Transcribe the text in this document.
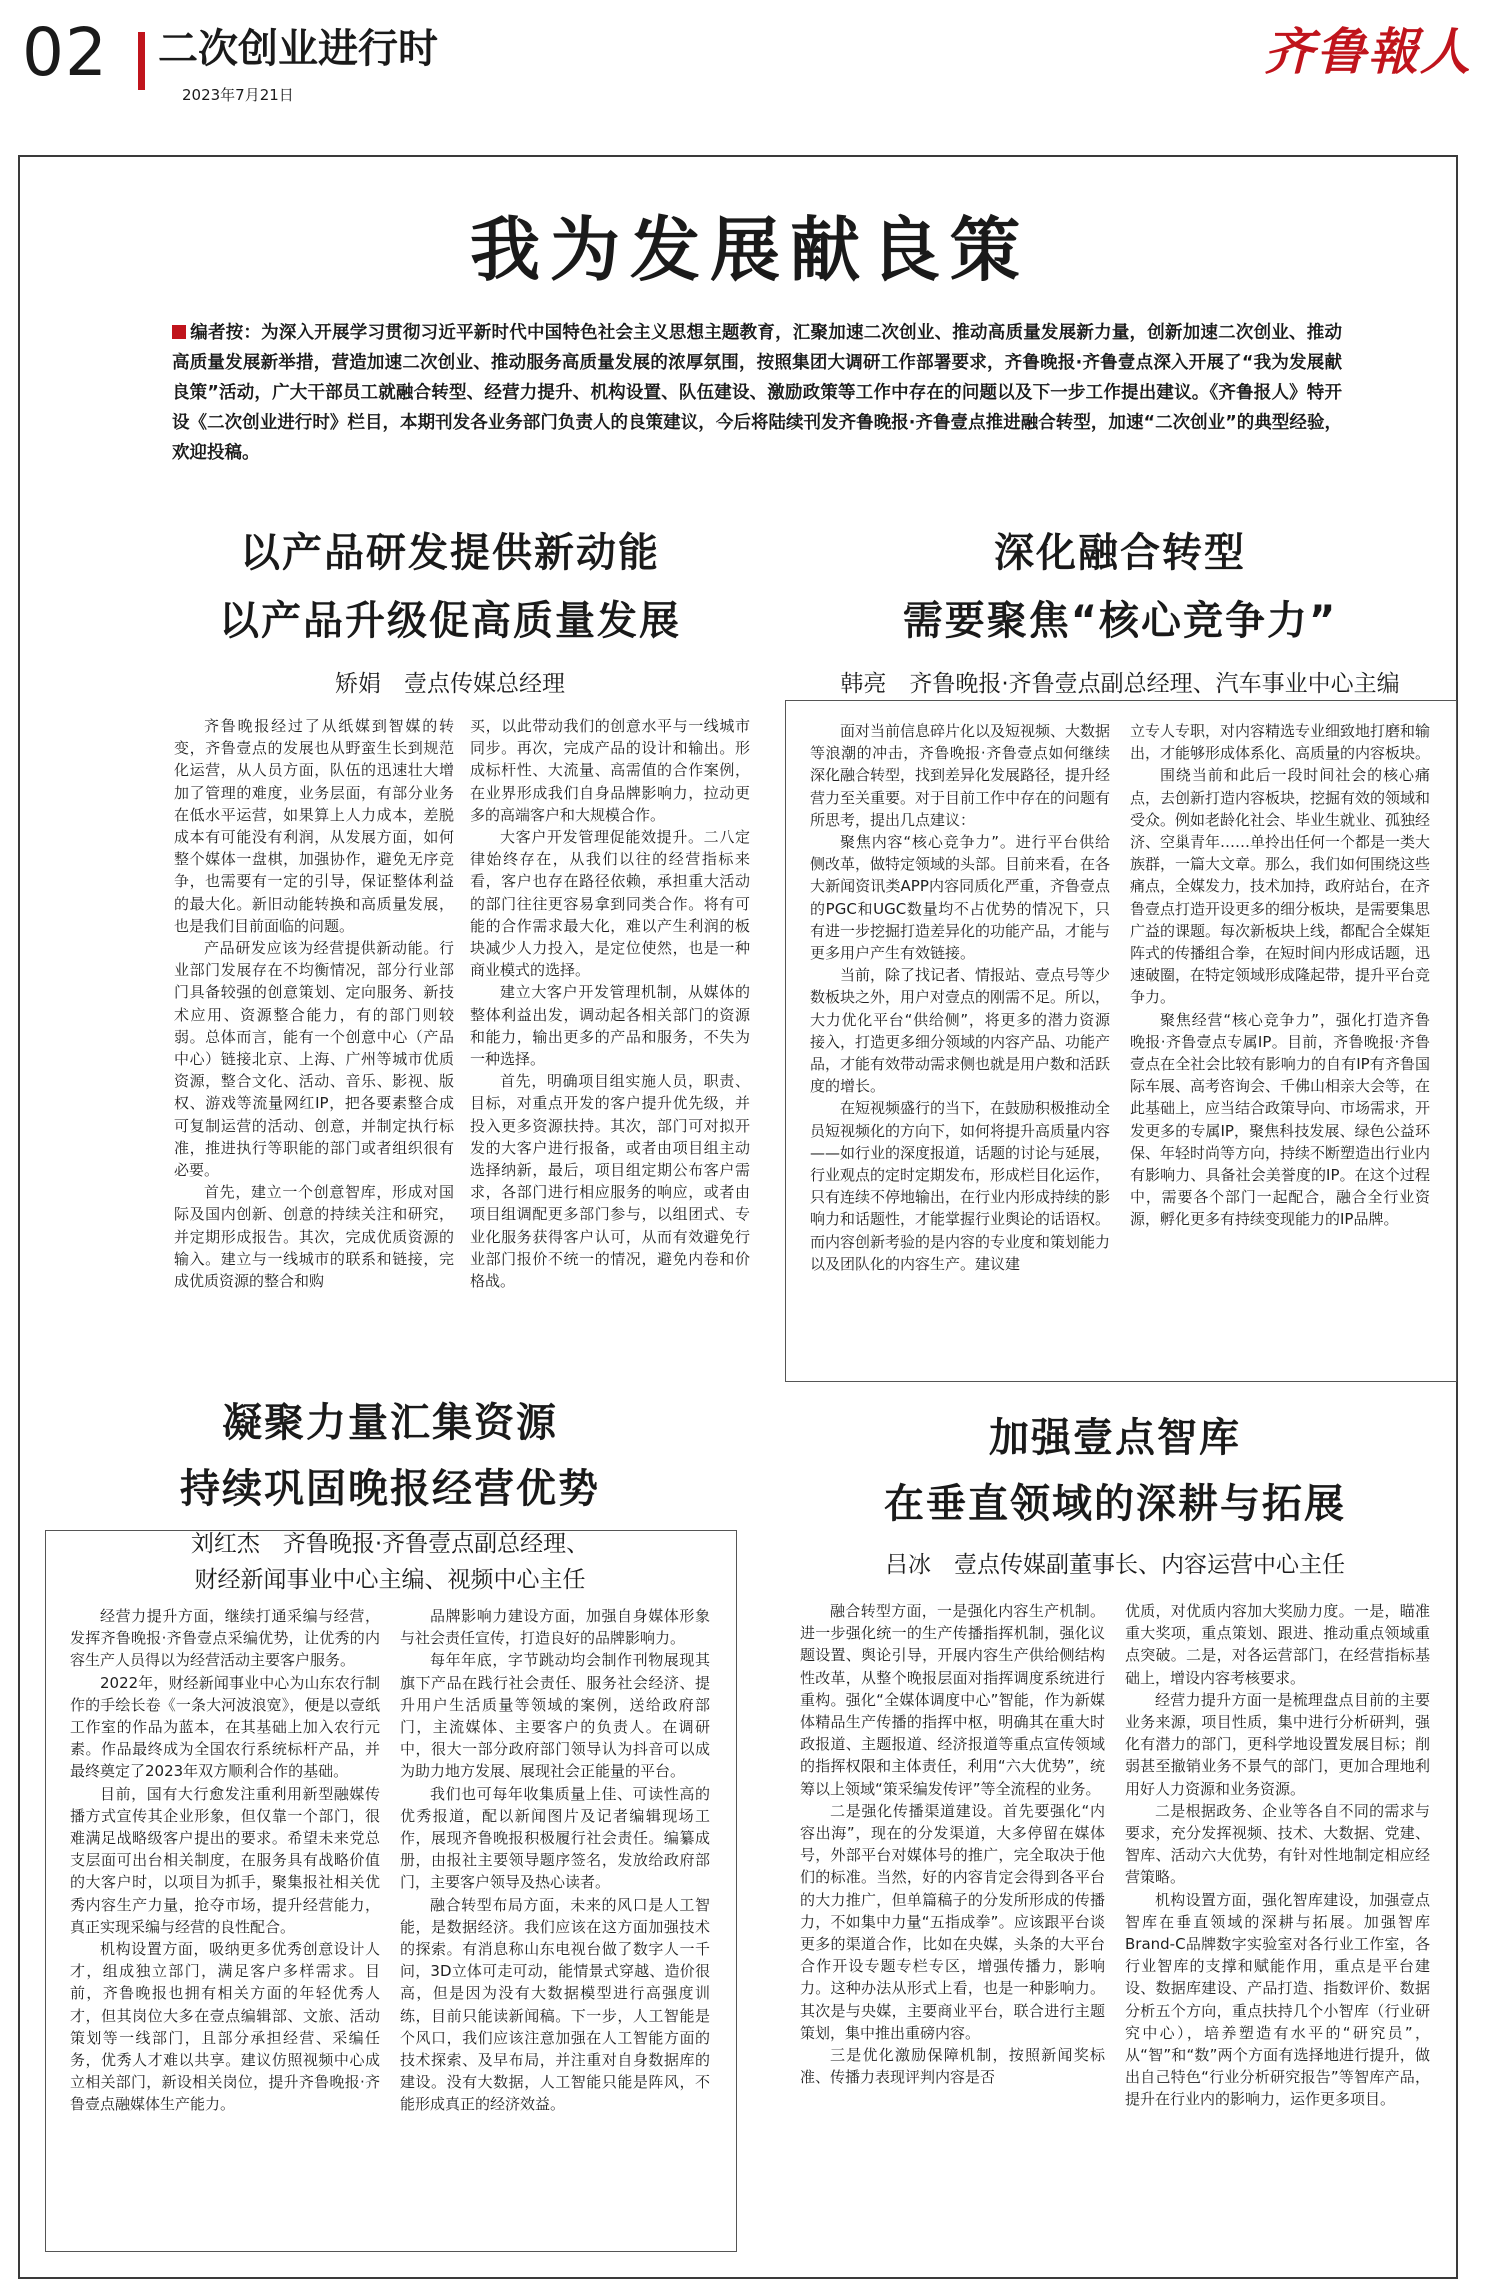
02 二次创业进行时
2023年7月21日
齐鲁報人
我为发展献良策
编者按：为深入开展学习贯彻习近平新时代中国特色社会主义思想主题教育，汇聚加速二次创业、推动高质量发展新力量，创新加速二次创业、推动高质量发展新举措，营造加速二次创业、推动服务高质量发展的浓厚氛围，按照集团大调研工作部署要求，齐鲁晚报·齐鲁壹点深入开展了“我为发展献良策”活动，广大干部员工就融合转型、经营力提升、机构设置、队伍建设、激励政策等工作中存在的问题以及下一步工作提出建议。《齐鲁报人》特开设《二次创业进行时》栏目，本期刊发各业务部门负责人的良策建议，今后将陆续刊发齐鲁晚报·齐鲁壹点推进融合转型，加速“二次创业”的典型经验，欢迎投稿。
以产品研发提供新动能
以产品升级促高质量发展
矫娟　壹点传媒总经理

齐鲁晚报经过了从纸媒到智媒的转变，齐鲁壹点的发展也从野蛮生长到规范化运营，从人员方面，队伍的迅速壮大增加了管理的难度，业务层面，有部分业务在低水平运营，如果算上人力成本，差脱成本有可能没有利润，从发展方面，如何整个媒体一盘棋，加强协作，避免无序竞争，也需要有一定的引导，保证整体利益的最大化。新旧动能转换和高质量发展，也是我们目前面临的问题。

产品研发应该为经营提供新动能。行业部门发展存在不均衡情况，部分行业部门具备较强的创意策划、定向服务、新技术应用、资源整合能力，有的部门则较弱。总体而言，能有一个创意中心（产品中心）链接北京、上海、广州等城市优质资源，整合文化、活动、音乐、影视、版权、游戏等流量网红IP，把各要素整合成可复制运营的活动、创意，并制定执行标准，推进执行等职能的部门或者组织很有必要。

首先，建立一个创意智库，形成对国际及国内创新、创意的持续关注和研究，并定期形成报告。其次，完成优质资源的输入。建立与一线城市的联系和链接，完成优质资源的整合和购

买，以此带动我们的创意水平与一线城市同步。再次，完成产品的设计和输出。形成标杆性、大流量、高需值的合作案例，在业界形成我们自身品牌影响力，拉动更多的高端客户和大规模合作。

大客户开发管理促能效提升。二八定律始终存在，从我们以往的经营指标来看，客户也存在路径依赖，承担重大活动的部门往往更容易拿到同类合作。将有可能的合作需求最大化，难以产生利润的板块减少人力投入，是定位使然，也是一种商业模式的选择。

建立大客户开发管理机制，从媒体的整体利益出发，调动起各相关部门的资源和能力，输出更多的产品和服务，不失为一种选择。

首先，明确项目组实施人员，职责、目标，对重点开发的客户提升优先级，并投入更多资源扶持。其次，部门可对拟开发的大客户进行报备，或者由项目组主动选择纳新，最后，项目组定期公布客户需求，各部门进行相应服务的响应，或者由项目组调配更多部门参与，以组团式、专业化服务获得客户认可，从而有效避免行业部门报价不统一的情况，避免内卷和价格战。

深化融合转型
需要聚焦“核心竞争力”
韩亮　齐鲁晚报·齐鲁壹点副总经理、汽车事业中心主编

面对当前信息碎片化以及短视频、大数据等浪潮的冲击，齐鲁晚报·齐鲁壹点如何继续深化融合转型，找到差异化发展路径，提升经营力至关重要。对于目前工作中存在的问题有所思考，提出几点建议：

聚焦内容“核心竞争力”。进行平台供给侧改革，做特定领域的头部。目前来看，在各大新闻资讯类APP内容同质化严重，齐鲁壹点的PGC和UGC数量均不占优势的情况下，只有进一步挖掘打造差异化的功能产品，才能与更多用户产生有效链接。

当前，除了找记者、情报站、壹点号等少数板块之外，用户对壹点的刚需不足。所以，大力优化平台“供给侧”，将更多的潜力资源接入，打造更多细分领域的内容产品、功能产品，才能有效带动需求侧也就是用户数和活跃度的增长。

在短视频盛行的当下，在鼓励积极推动全员短视频化的方向下，如何将提升高质量内容——如行业的深度报道，话题的讨论与延展，行业观点的定时定期发布，形成栏目化运作，只有连续不停地输出，在行业内形成持续的影响力和话题性，才能掌握行业舆论的话语权。而内容创新考验的是内容的专业度和策划能力以及团队化的内容生产。建议建

立专人专职，对内容精选专业细致地打磨和输出，才能够形成体系化、高质量的内容板块。

围绕当前和此后一段时间社会的核心痛点，去创新打造内容板块，挖掘有效的领域和受众。例如老龄化社会、毕业生就业、孤独经济、空巢青年……单拎出任何一个都是一类大族群，一篇大文章。那么，我们如何围绕这些痛点，全媒发力，技术加持，政府站台，在齐鲁壹点打造开设更多的细分板块，是需要集思广益的课题。每次新板块上线，都配合全媒矩阵式的传播组合拳，在短时间内形成话题，迅速破圈，在特定领域形成隆起带，提升平台竞争力。

聚焦经营“核心竞争力”，强化打造齐鲁晚报·齐鲁壹点专属IP。目前，齐鲁晚报·齐鲁壹点在全社会比较有影响力的自有IP有齐鲁国际车展、高考咨询会、千佛山相亲大会等，在此基础上，应当结合政策导向、市场需求，开发更多的专属IP，聚焦科技发展、绿色公益环保、年轻时尚等方向，持续不断塑造出行业内有影响力、具备社会美誉度的IP。在这个过程中，需要各个部门一起配合，融合全行业资源，孵化更多有持续变现能力的IP品牌。

凝聚力量汇集资源
持续巩固晚报经营优势
刘红杰　齐鲁晚报·齐鲁壹点副总经理、
财经新闻事业中心主编、视频中心主任

经营力提升方面，继续打通采编与经营，发挥齐鲁晚报·齐鲁壹点采编优势，让优秀的内容生产人员得以为经营活动主要客户服务。

2022年，财经新闻事业中心为山东农行制作的手绘长卷《一条大河波浪宽》，便是以壹纸工作室的作品为蓝本，在其基础上加入农行元素。作品最终成为全国农行系统标杆产品，并最终奠定了2023年双方顺利合作的基础。

目前，国有大行愈发注重利用新型融媒传播方式宣传其企业形象，但仅靠一个部门，很难满足战略级客户提出的要求。希望未来党总支层面可出台相关制度，在服务具有战略价值的大客户时，以项目为抓手，聚集报社相关优秀内容生产力量，抢夺市场，提升经营能力，真正实现采编与经营的良性配合。

机构设置方面，吸纳更多优秀创意设计人才，组成独立部门，满足客户多样需求。目前，齐鲁晚报也拥有相关方面的年轻优秀人才，但其岗位大多在壹点编辑部、文旅、活动策划等一线部门，且部分承担经营、采编任务，优秀人才难以共享。建议仿照视频中心成立相关部门，新设相关岗位，提升齐鲁晚报·齐鲁壹点融媒体生产能力。

品牌影响力建设方面，加强自身媒体形象与社会责任宣传，打造良好的品牌影响力。

每年年底，字节跳动均会制作刊物展现其旗下产品在践行社会责任、服务社会经济、提升用户生活质量等领域的案例，送给政府部门，主流媒体、主要客户的负责人。在调研中，很大一部分政府部门领导认为抖音可以成为助力地方发展、展现社会正能量的平台。

我们也可每年收集质量上佳、可读性高的优秀报道，配以新闻图片及记者编辑现场工作，展现齐鲁晚报积极履行社会责任。编纂成册，由报社主要领导题序签名，发放给政府部门，主要客户领导及热心读者。

融合转型布局方面，未来的风口是人工智能，是数据经济。我们应该在这方面加强技术的探索。有消息称山东电视台做了数字人一千问，3D立体可走可动，能情景式穿越、造价很高，但是因为没有大数据模型进行高强度训练，目前只能读新闻稿。下一步，人工智能是个风口，我们应该注意加强在人工智能方面的技术探索、及早布局，并注重对自身数据库的建设。没有大数据，人工智能只能是阵风，不能形成真正的经济效益。

加强壹点智库
在垂直领域的深耕与拓展
吕冰　壹点传媒副董事长、内容运营中心主任

融合转型方面，一是强化内容生产机制。进一步强化统一的生产传播指挥机制，强化议题设置、舆论引导，开展内容生产供给侧结构性改革，从整个晚报层面对指挥调度系统进行重构。强化“全媒体调度中心”智能，作为新媒体精品生产传播的指挥中枢，明确其在重大时政报道、主题报道、经济报道等重点宣传领域的指挥权限和主体责任，利用“六大优势”，统筹以上领域“策采编发传评”等全流程的业务。

二是强化传播渠道建设。首先要强化“内容出海”，现在的分发渠道，大多停留在媒体号，外部平台对媒体号的推广，完全取决于他们的标准。当然，好的内容肯定会得到各平台的大力推广，但单篇稿子的分发所形成的传播力，不如集中力量“五指成拳”。应该跟平台谈更多的渠道合作，比如在央媒，头条的大平台合作开设专题专栏专区，增强传播力，影响力。这种办法从形式上看，也是一种影响力。其次是与央媒，主要商业平台，联合进行主题策划，集中推出重磅内容。

三是优化激励保障机制，按照新闻奖标准、传播力表现评判内容是否

优质，对优质内容加大奖励力度。一是，瞄准重大奖项，重点策划、跟进、推动重点领域重点突破。二是，对各运营部门，在经营指标基础上，增设内容考核要求。

经营力提升方面一是梳理盘点目前的主要业务来源，项目性质，集中进行分析研判，强化有潜力的部门，更科学地设置发展目标；削弱甚至撤销业务不景气的部门，更加合理地利用好人力资源和业务资源。

二是根据政务、企业等各自不同的需求与要求，充分发挥视频、技术、大数据、党建、智库、活动六大优势，有针对性地制定相应经营策略。

机构设置方面，强化智库建设，加强壹点智库在垂直领域的深耕与拓展。加强智库Brand-C品牌数字实验室对各行业工作室，各行业智库的支撑和赋能作用，重点是平台建设、数据库建设、产品打造、指数评价、数据分析五个方向，重点扶持几个小智库（行业研究中心），培养塑造有水平的“研究员”，从“智”和“数”两个方面有选择地进行提升，做出自己特色“行业分析研究报告”等智库产品，提升在行业内的影响力，运作更多项目。
